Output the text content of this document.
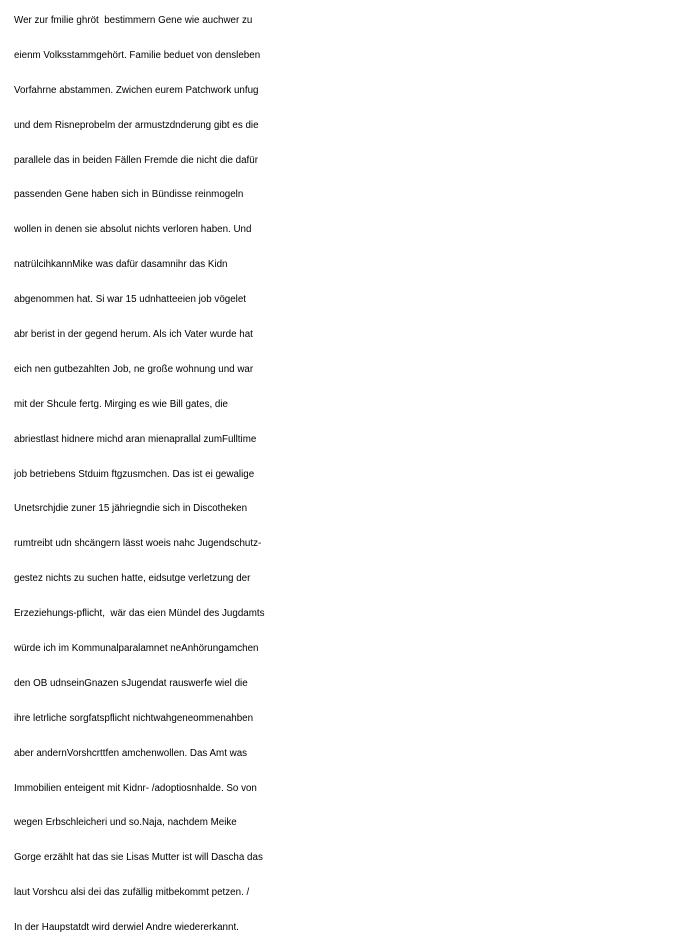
Wer zur fmilie ghröt  bestimmern Gene wie auchwer zu
eienm Volksstammgehört. Familie beduet von densleben
Vorfahrne abstammen. Zwichen eurem Patchwork unfug
und dem Risneprobelm der armustzdnderung gibt es die
parallele das in beiden Fällen Fremde die nicht die dafür
passenden Gene haben sich in Bündisse reinmogeln
wollen in denen sie absolut nichts verloren haben. Und
natrülcihkannMike was dafür dasamnihr das Kidn
abgenommen hat. Si war 15 udnhatteeien job vögelet
abr berist in der gegend herum. Als ich Vater wurde hat
eich nen gutbezahlten Job, ne große wohnung und war
mit der Shcule fertg. Mirging es wie Bill gates, die
abriestlast hidnere michd aran mienaprallal zumFulltime
job betriebens Stduim ftgzusmchen. Das ist ei gewalige
Unetsrchjdie zuner 15 jähriegndie sich in Discotheken
rumtreibt udn shcängern lässt woeis nahc Jugendschutz-
gestez nichts zu suchen hatte, eidsutge verletzung der
Erzeziehungs-pflicht,  wär das eien Mündel des Jugdamts
würde ich im Kommunalparalamnet neAnhörungamchen
den OB udnseinGnazen sJugendat rauswerfe wiel die
ihre letrliche sorgfatspflicht nichtwahgeneommenahben
aber andernVorshcrttfen amchenwollen. Das Amt was
Immobilien enteigent mit Kidnr- /adoptiosnhalde. So von
wegen Erbschleicheri und so.Naja, nachdem Meike
Gorge erzählt hat das sie Lisas Mutter ist will Dascha das
laut Vorshcu alsi dei das zufällig mitbekommt petzen. /
In der Haupstatdt wird derwiel Andre wiedererkannt.
